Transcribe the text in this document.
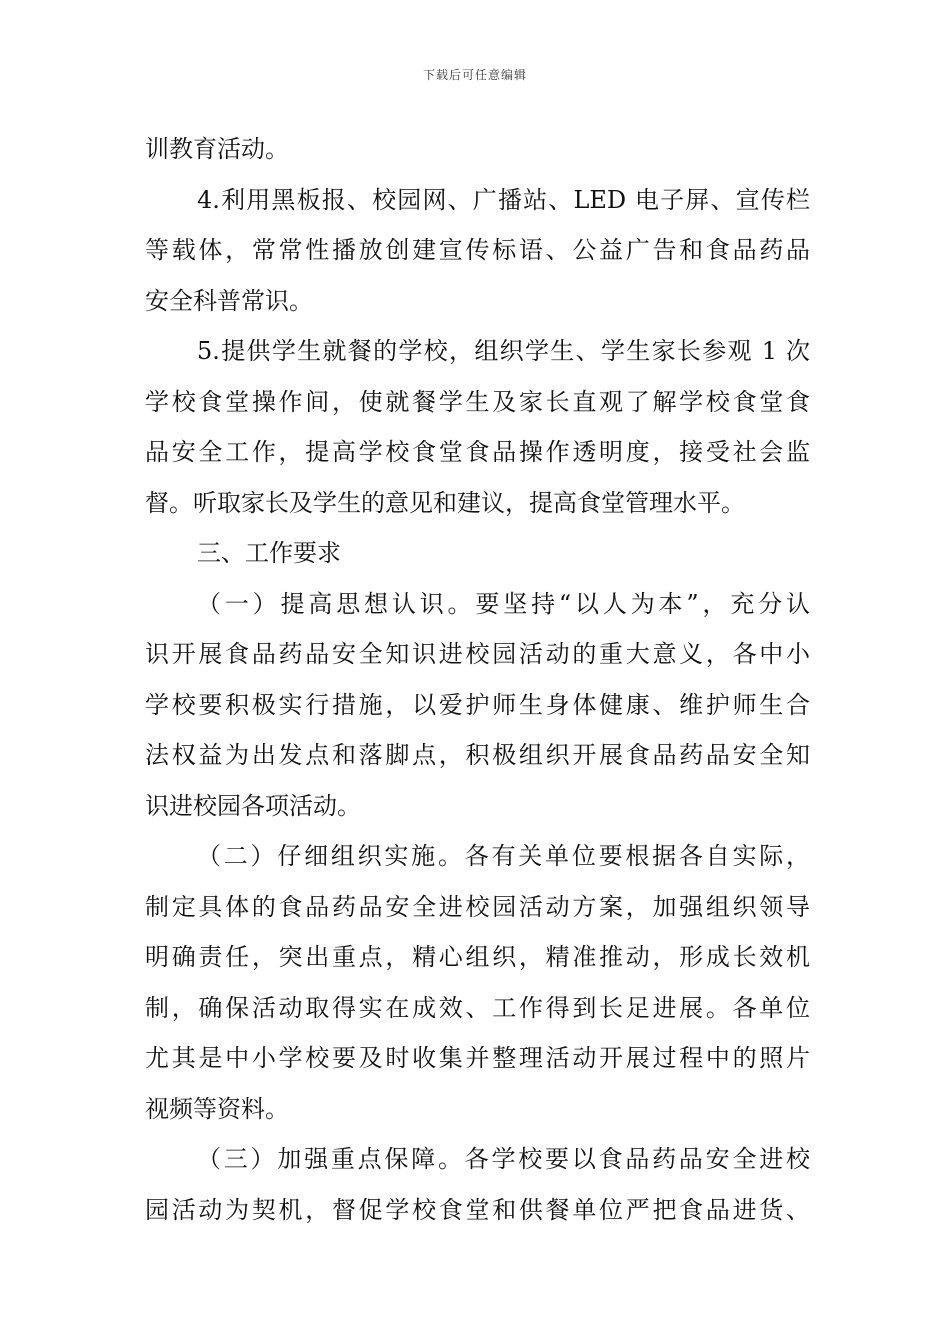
下载后可任意编辑
训教育活动。
4.利用黑板报、校园网、广播站、LED 电子屏、宣传栏
等载体，常常性播放创建宣传标语、公益广告和食品药品
安全科普常识。
5.提供学生就餐的学校，组织学生、学生家长参观 1 次
学校食堂操作间，使就餐学生及家长直观了解学校食堂食
品安全工作，提高学校食堂食品操作透明度，接受社会监
督。听取家长及学生的意见和建议，提高食堂管理水平。
三、工作要求
（一）提高思想认识。要坚持“以人为本”，充分认
识开展食品药品安全知识进校园活动的重大意义，各中小
学校要积极实行措施，以爱护师生身体健康、维护师生合
法权益为出发点和落脚点，积极组织开展食品药品安全知
识进校园各项活动。
（二）仔细组织实施。各有关单位要根据各自实际，
制定具体的食品药品安全进校园活动方案，加强组织领导
明确责任，突出重点，精心组织，精准推动，形成长效机
制，确保活动取得实在成效、工作得到长足进展。各单位
尤其是中小学校要及时收集并整理活动开展过程中的照片
视频等资料。
（三）加强重点保障。各学校要以食品药品安全进校
园活动为契机，督促学校食堂和供餐单位严把食品进货、
